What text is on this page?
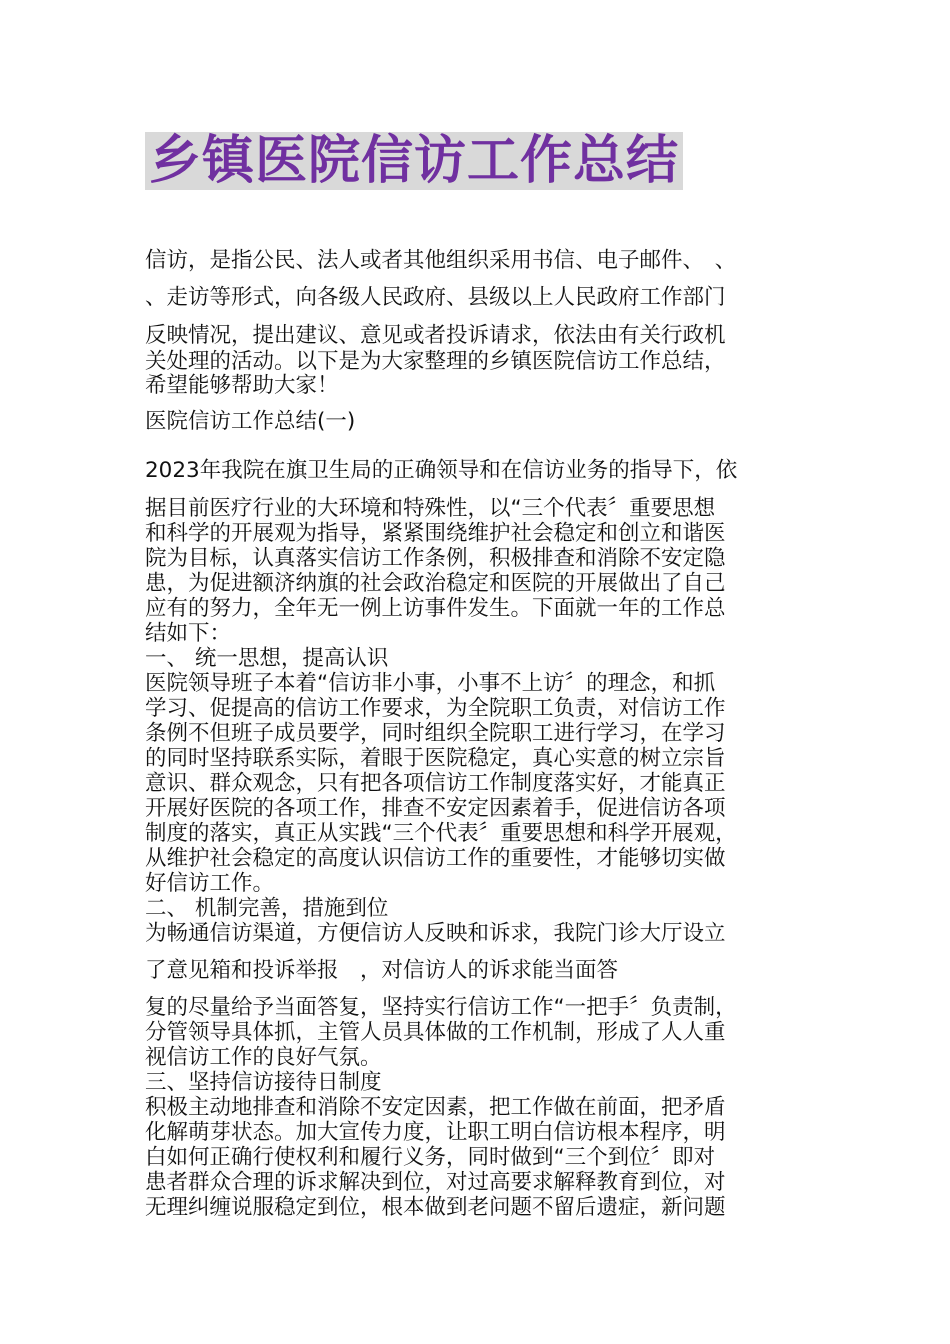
乡镇医院信访工作总结
信访，是指公民、法人或者其他组织采用书信、电子邮件、　、
、走访等形式，向各级人民政府、县级以上人民政府工作部门
反映情况，提出建议、意见或者投诉请求，依法由有关行政机
关处理的活动。以下是为大家整理的乡镇医院信访工作总结，
希望能够帮助大家！
医院信访工作总结(一)
2023年我院在旗卫生局的正确领导和在信访业务的指导下，依
据目前医疗行业的大环境和特殊性，以“三个代表〞重要思想
和科学的开展观为指导，紧紧围绕维护社会稳定和创立和谐医
院为目标，认真落实信访工作条例，积极排查和消除不安定隐
患，为促进额济纳旗的社会政治稳定和医院的开展做出了自己
应有的努力，全年无一例上访事件发生。下面就一年的工作总
结如下：
一、 统一思想，提高认识
医院领导班子本着“信访非小事，小事不上访〞的理念，和抓
学习、促提高的信访工作要求，为全院职工负责，对信访工作
条例不但班子成员要学，同时组织全院职工进行学习，在学习
的同时坚持联系实际，着眼于医院稳定，真心实意的树立宗旨
意识、群众观念，只有把各项信访工作制度落实好，才能真正
开展好医院的各项工作，排查不安定因素着手，促进信访各项
制度的落实，真正从实践“三个代表〞重要思想和科学开展观，
从维护社会稳定的高度认识信访工作的重要性，才能够切实做
好信访工作。
二、 机制完善，措施到位
为畅通信访渠道，方便信访人反映和诉求，我院门诊大厅设立
了意见箱和投诉举报　，对信访人的诉求能当面答
复的尽量给予当面答复，坚持实行信访工作“一把手〞负责制，
分管领导具体抓，主管人员具体做的工作机制，形成了人人重
视信访工作的良好气氛。
三、坚持信访接待日制度
积极主动地排查和消除不安定因素，把工作做在前面，把矛盾
化解萌芽状态。加大宣传力度，让职工明白信访根本程序，明
白如何正确行使权利和履行义务，同时做到“三个到位〞即对
患者群众合理的诉求解决到位，对过高要求解释教育到位，对
无理纠缠说服稳定到位，根本做到老问题不留后遗症，新问题
